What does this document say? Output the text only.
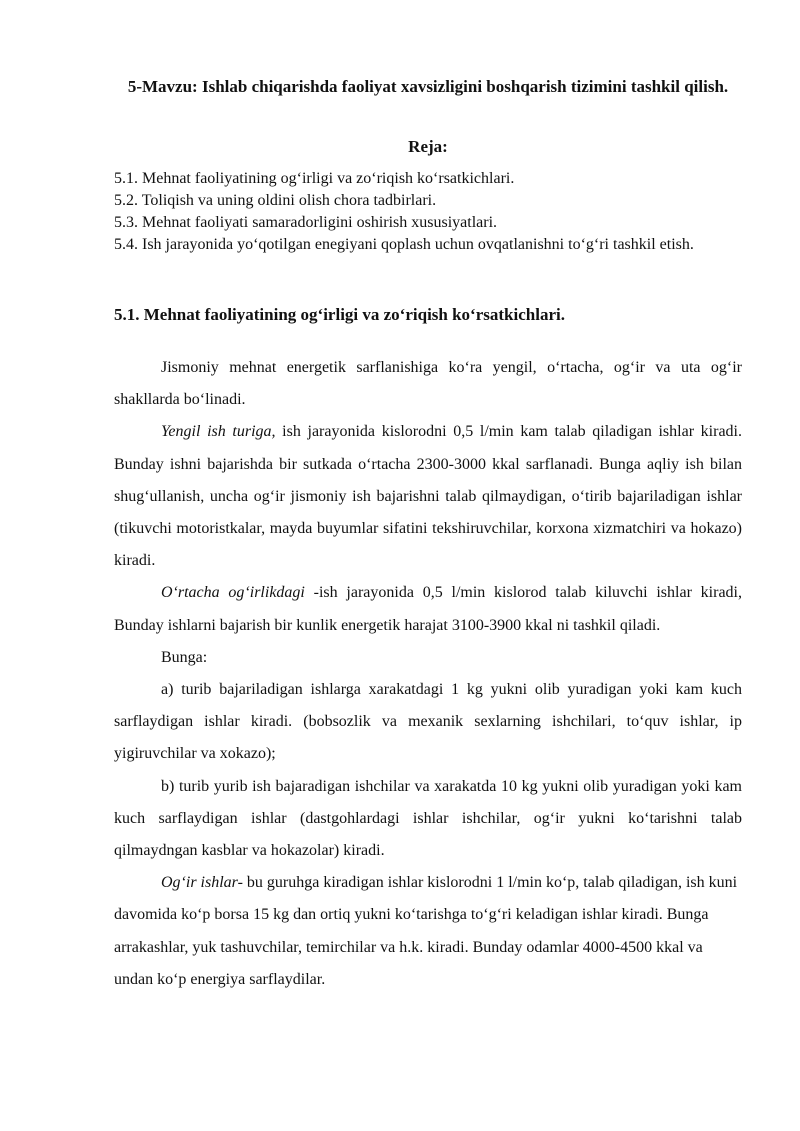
5-Mavzu: Ishlab chiqarishda faoliyat xavsizligini boshqarish tizimini tashkil qilish.
Reja:
5.1. Mehnat faoliyatining og‘irligi va zo‘riqish ko‘rsatkichlari.
5.2. Toliqish va uning oldini olish chora tadbirlari.
5.3. Mehnat faoliyati samaradorligini oshirish xususiyatlari.
5.4. Ish jarayonida yo‘qotilgan enegiyani qoplash uchun ovqatlanishni to‘g‘ri tashkil etish.
5.1. Mehnat faoliyatining og‘irligi va zo‘riqish ko‘rsatkichlari.

Jismoniy mehnat energetik sarflanishiga ko‘ra yengil, o‘rtacha, og‘ir va uta og‘ir shakllarda bo‘linadi.

Yengil ish turiga, ish jarayonida kislorodni 0,5 l/min kam talab qiladigan ishlar kiradi. Bunday ishni bajarishda bir sutkada o‘rtacha 2300-3000 kkal sarflanadi. Bunga aqliy ish bilan shug‘ullanish, uncha og‘ir jismoniy ish bajarishni talab qilmaydigan, o‘tirib bajariladigan ishlar (tikuvchi motoristkalar, mayda buyumlar sifatini tekshiruvchilar, korxona xizmatchiri va hokazo) kiradi.

O‘rtacha og‘irlikdagi -ish jarayonida 0,5 l/min kislorod talab kiluvchi ishlar kiradi, Bunday ishlarni bajarish bir kunlik energetik harajat 3100-3900 kkal ni tashkil qiladi.

Bunga:

a) turib bajariladigan ishlarga xarakatdagi 1 kg yukni olib yuradigan yoki kam kuch sarflaydigan ishlar kiradi. (bobsozlik va mexanik sexlarning ishchilari, to‘quv ishlar, ip yigiruvchilar va xokazo);

b) turib yurib ish bajaradigan ishchilar va xarakatda 10 kg yukni olib yuradigan yoki kam kuch sarflaydigan ishlar (dastgohlardagi ishlar ishchilar, og‘ir yukni ko‘tarishni talab qilmaydngan kasblar va hokazolar) kiradi.

Og‘ir ishlar- bu guruhga kiradigan ishlar kislorodni 1 l/min ko‘p, talab qiladigan, ish kuni davomida ko‘p borsa 15 kg dan ortiq yukni ko‘tarishga to‘g‘ri keladigan ishlar kiradi. Bunga arrakashlar, yuk tashuvchilar, temirchilar va h.k. kiradi. Bunday odamlar 4000-4500 kkal va undan ko‘p energiya sarflaydilar.
